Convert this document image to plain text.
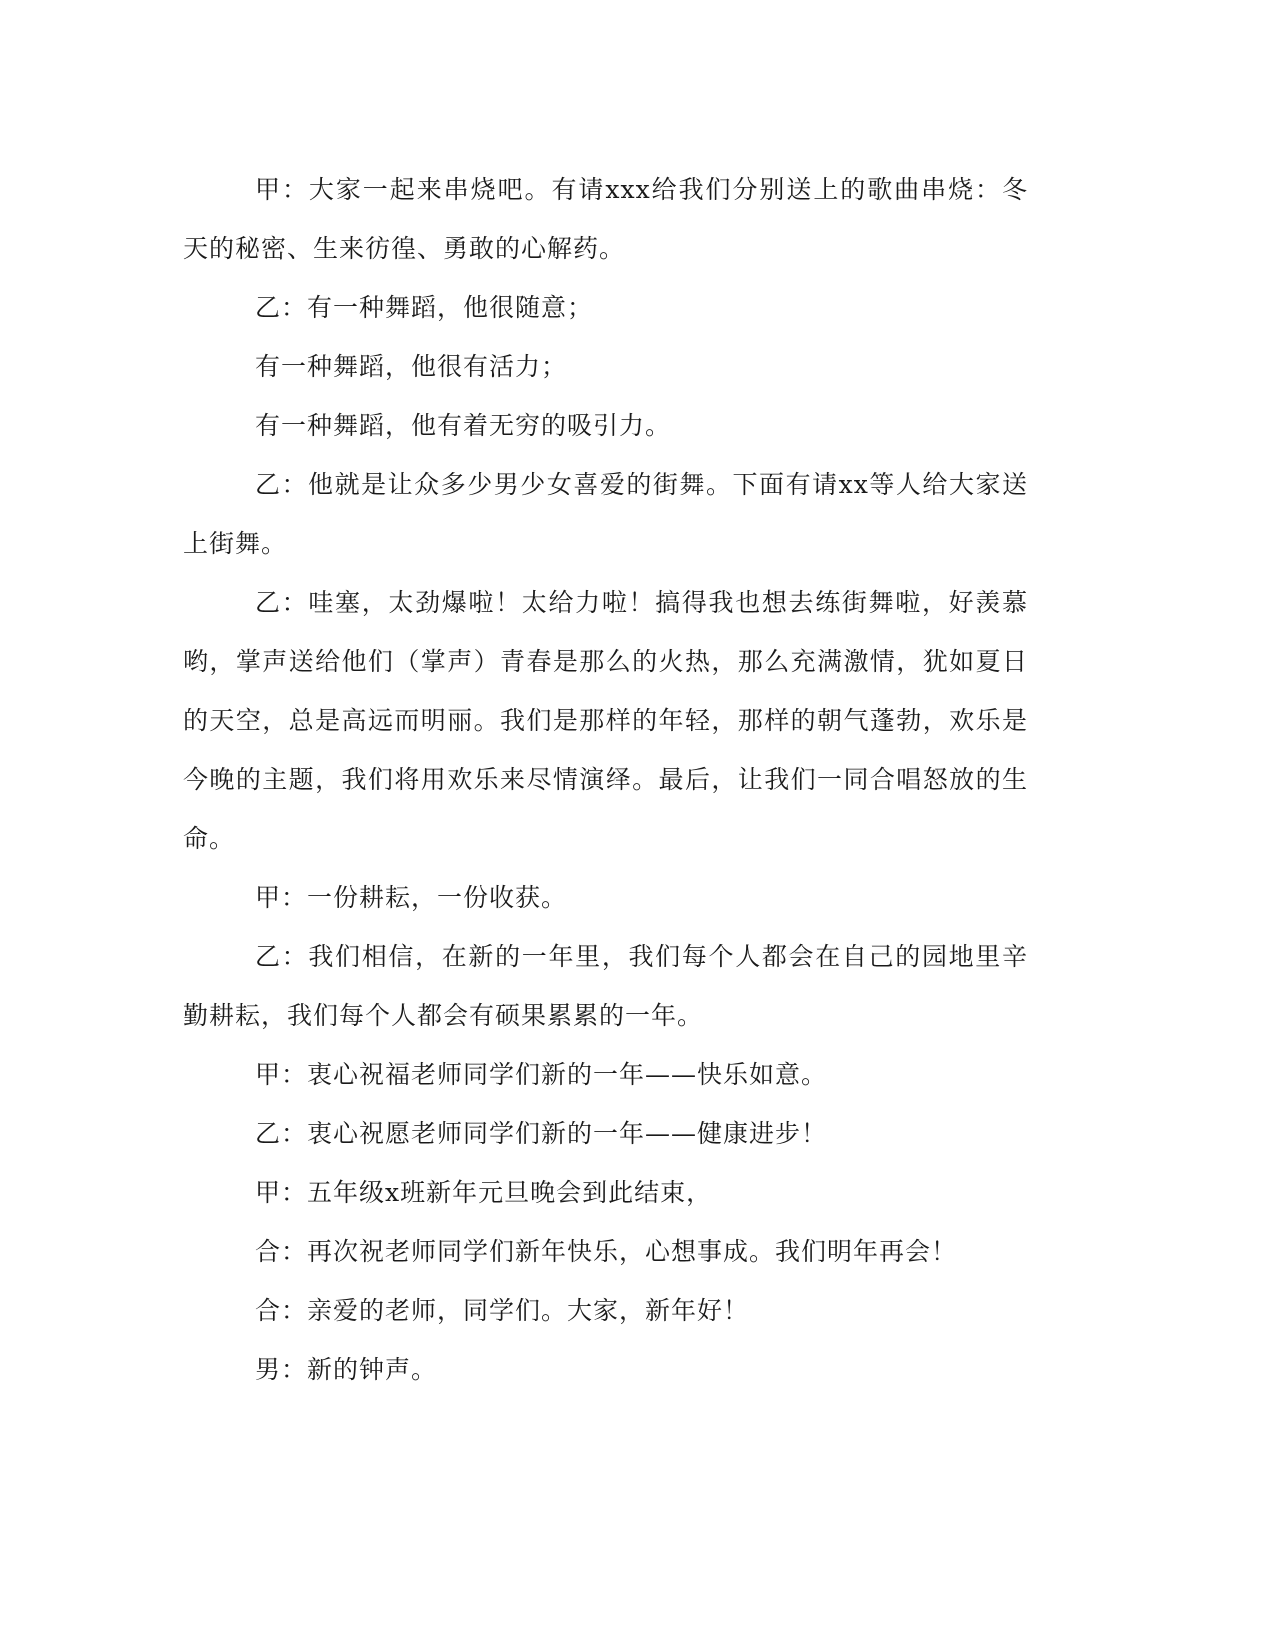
甲：大家一起来串烧吧。有请xxx给我们分别送上的歌曲串烧：冬天的秘密、生来彷徨、勇敢的心解药。

乙：有一种舞蹈，他很随意；

有一种舞蹈，他很有活力；

有一种舞蹈，他有着无穷的吸引力。

乙：他就是让众多少男少女喜爱的街舞。下面有请xx等人给大家送上街舞。

乙：哇塞，太劲爆啦！太给力啦！搞得我也想去练街舞啦，好羡慕哟，掌声送给他们（掌声）青春是那么的火热，那么充满激情，犹如夏日的天空，总是高远而明丽。我们是那样的年轻，那样的朝气蓬勃，欢乐是今晚的主题，我们将用欢乐来尽情演绎。最后，让我们一同合唱怒放的生命。

甲：一份耕耘，一份收获。

乙：我们相信，在新的一年里，我们每个人都会在自己的园地里辛勤耕耘，我们每个人都会有硕果累累的一年。

甲：衷心祝福老师同学们新的一年——快乐如意。

乙：衷心祝愿老师同学们新的一年——健康进步！

甲：五年级x班新年元旦晚会到此结束，

合：再次祝老师同学们新年快乐，心想事成。我们明年再会！

合：亲爱的老师，同学们。大家，新年好！

男：新的钟声。
